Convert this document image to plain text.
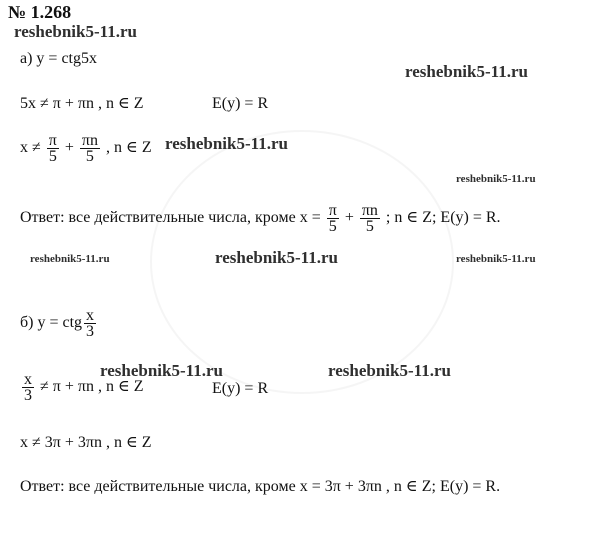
№ 1.268
reshebnik5-11.ru
reshebnik5-11.ru
reshebnik5-11.ru
reshebnik5-11.ru
reshebnik5-11.ru	reshebnik5-11.ru	reshebnik5-11.ru
reshebnik5-11.ru	reshebnik5-11.ru
а) y = ctg5x
5x ≠ π + πn , n ∈ Z	E(y) = R
$x \ne \frac{\pi}{5} + \frac{\pi n}{5}$ , n ∈ Z
Ответ: все действительные числа, кроме $x = \frac{\pi}{5} + \frac{\pi n}{5}$ ; n ∈ Z; E(y) = R.
б) y = ctg $\frac{x}{3}$
$\frac{x}{3} \ne \pi + \pi n$ , n ∈ Z	E(y) = R
x ≠ 3π + 3πn , n ∈ Z
Ответ: все действительные числа, кроме x = 3π + 3πn , n ∈ Z; E(y) = R.
